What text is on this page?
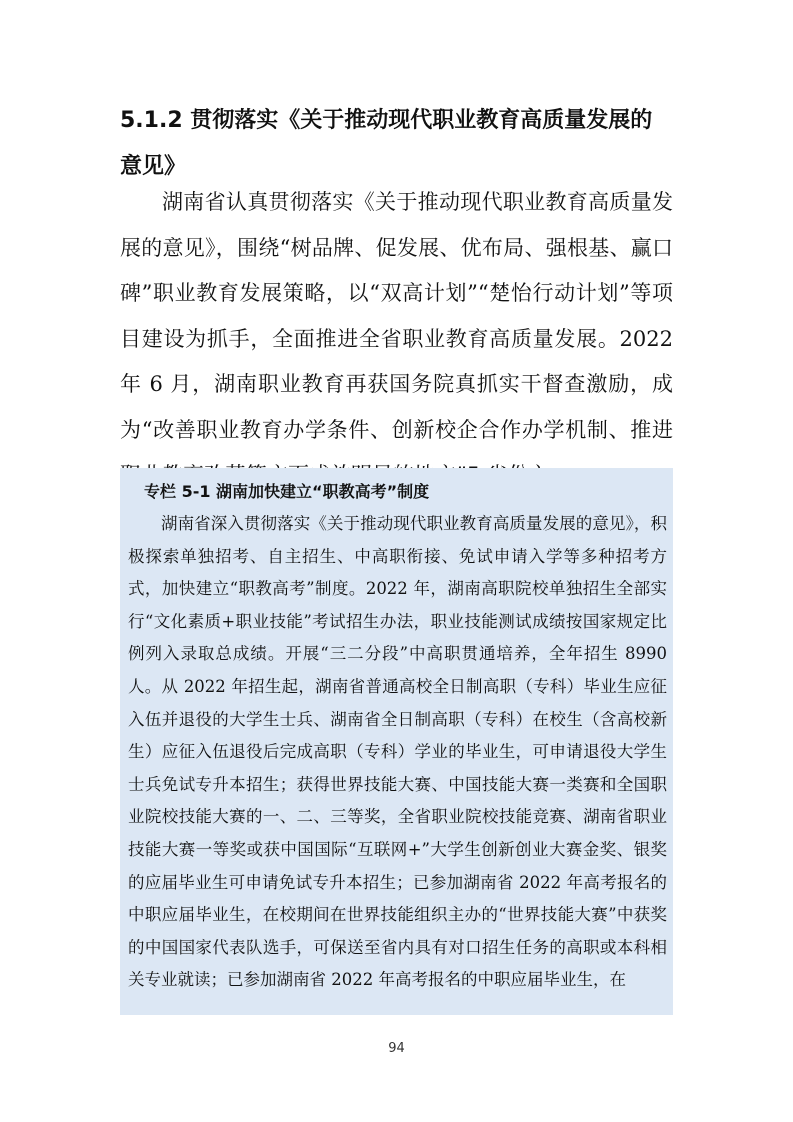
5.1.2 贯彻落实《关于推动现代职业教育高质量发展的
意见》

湖南省认真贯彻落实《关于推动现代职业教育高质量发展的意见》，围绕“树品牌、促发展、优布局、强根基、赢口碑”职业教育发展策略，以“双高计划”“楚怡行动计划”等项目建设为抓手，全面推进全省职业教育高质量发展。2022 年 6 月，湖南职业教育再获国务院真抓实干督查激励，成为“改善职业教育办学条件、创新校企合作办学机制、推进

专栏 5-1 湖南加快建立“职教高考”制度

湖南省深入贯彻落实《关于推动现代职业教育高质量发展的意见》，积极探索单独招考、自主招生、中高职衔接、免试申请入学等多种招考方式，加快建立“职教高考”制度。2022 年，湖南高职院校单独招生全部实行“文化素质+职业技能”考试招生办法，职业技能测试成绩按国家规定比例列入录取总成绩。开展“三二分段”中高职贯通培养，全年招生 8990 人。从 2022 年招生起，湖南省普通高校全日制高职（专科）毕业生应征入伍并退役的大学生士兵、湖南省全日制高职（专科）在校生（含高校新生）应征入伍退役后完成高职（专科）学业的毕业生，可申请退役大学生士兵免试专升本招生；获得世界技能大赛、中国技能大赛一类赛和全国职业院校技能大赛的一、二、三等奖，全省职业院校技能竞赛、湖南省职业技能大赛一等奖或获中国国际“互联网+”大学生创新创业大赛金奖、银奖的应届毕业生可申请免试专升本招生；已参加湖南省 2022 年高考报名的中职应届毕业生，在校期间在世界技能组织主办的“世界技能大赛”中获奖的中国国家代表队选手，可保送至省内具有对口招生任务的高职或本科相关专业就读；已参加湖南省 2022 年高考报名的中职应届毕业生，在

94
